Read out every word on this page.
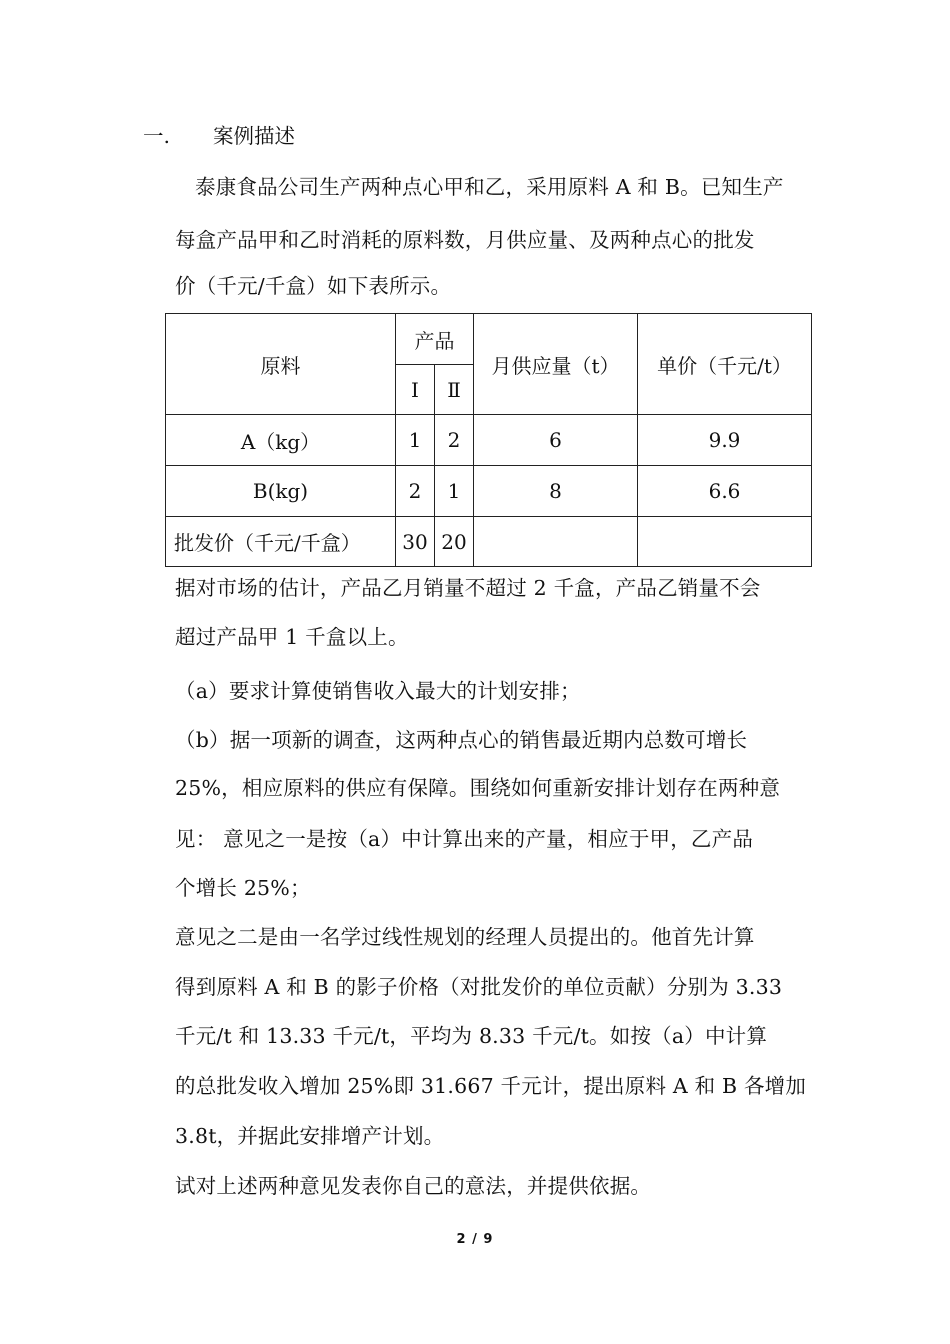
一. 案例描述
泰康食品公司生产两种点心甲和乙，采用原料 A 和 B。已知生产
每盒产品甲和乙时消耗的原料数，月供应量、及两种点心的批发
价（千元/千盒）如下表所示。
原料	产品		月供应量（t）	单价（千元/t）
	Ⅰ	Ⅱ		
A（kg）	1	2	6	9.9
B(kg)	2	1	8	6.6
批发价（千元/千盒）	30	20		
据对市场的估计，产品乙月销量不超过 2 千盒，产品乙销量不会
超过产品甲 1 千盒以上。
（a）要求计算使销售收入最大的计划安排；
（b）据一项新的调查，这两种点心的销售最近期内总数可增长
25%，相应原料的供应有保障。围绕如何重新安排计划存在两种意
见： 意见之一是按（a）中计算出来的产量，相应于甲，乙产品
个增长 25%；
意见之二是由一名学过线性规划的经理人员提出的。他首先计算
得到原料 A 和 B 的影子价格（对批发价的单位贡献）分别为 3.33
千元/t 和 13.33 千元/t，平均为 8.33 千元/t。如按（a）中计算
的总批发收入增加 25%即 31.667 千元计，提出原料 A 和 B 各增加
3.8t，并据此安排增产计划。
试对上述两种意见发表你自己的意法，并提供依据。
2 / 9
